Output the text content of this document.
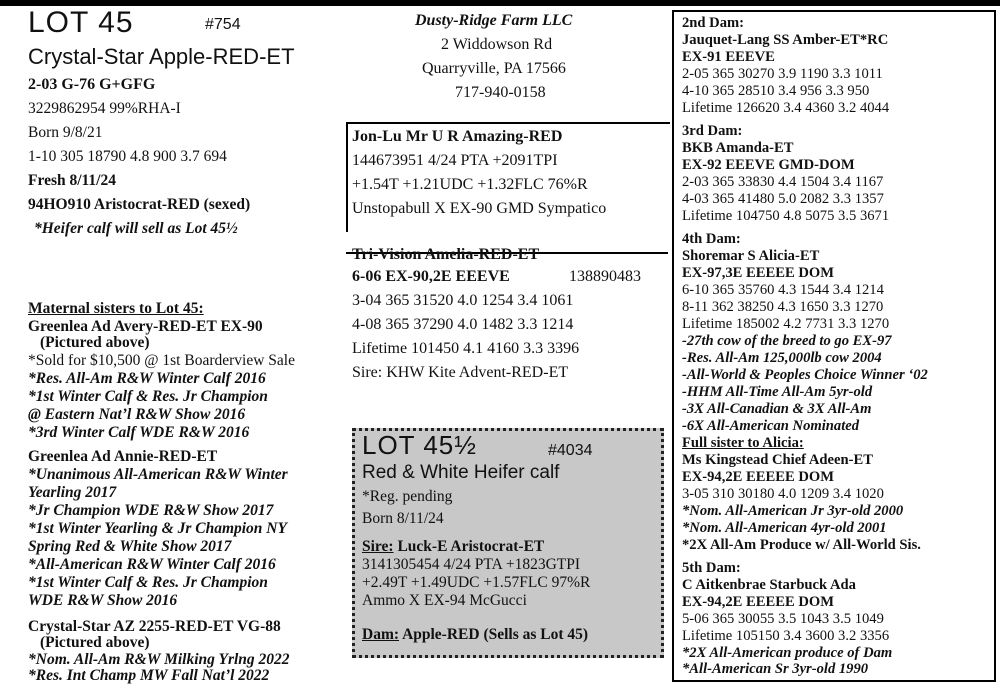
LOT 45	#754
Crystal-Star Apple-RED-ET
2-03 G-76 G+GFG
3229862954 99%RHA-I
Born 9/8/21
1-10 305 18790 4.8 900 3.7 694
Fresh 8/11/24
94HO910 Aristocrat-RED (sexed)
*Heifer calf will sell as Lot 45½
Maternal sisters to Lot 45:
Greenlea Ad Avery-RED-ET EX-90
(Pictured above)
*Sold for $10,500 @ 1st Boarderview Sale
*Res. All-Am R&W Winter Calf 2016
*1st Winter Calf & Res. Jr Champion
@ Eastern Nat’l R&W Show 2016
*3rd Winter Calf WDE R&W 2016
Greenlea Ad Annie-RED-ET
*Unanimous All-American R&W Winter
Yearling 2017
*Jr Champion WDE R&W Show 2017
*1st Winter Yearling & Jr Champion NY
Spring Red & White Show 2017
*All-American R&W Winter Calf 2016
*1st Winter Calf & Res. Jr Champion
WDE R&W Show 2016
Crystal-Star AZ 2255-RED-ET VG-88
(Pictured above)
*Nom. All-Am R&W Milking Yrlng 2022
*Res. Int Champ MW Fall Nat’l 2022
Dusty-Ridge Farm LLC
2 Widdowson Rd
Quarryville, PA 17566
717-940-0158
Jon-Lu Mr U R Amazing-RED
144673951 4/24 PTA +2091TPI
+1.54T +1.21UDC +1.32FLC 76%R
Unstopabull X EX-90 GMD Sympatico
Tri-Vision Amelia-RED-ET
6-06 EX-90,2E EEEVE	138890483
3-04 365 31520 4.0 1254 3.4 1061
4-08 365 37290 4.0 1482 3.3 1214
Lifetime 101450 4.1 4160 3.3 3396
Sire: KHW Kite Advent-RED-ET
LOT 45½	#4034
Red & White Heifer calf
*Reg. pending
Born 8/11/24
Sire: Luck-E Aristocrat-ET
3141305454 4/24 PTA +1823GTPI
+2.49T +1.49UDC +1.57FLC 97%R
Ammo X EX-94 McGucci
Dam: Apple-RED (Sells as Lot 45)
2nd Dam:
Jauquet-Lang SS Amber-ET*RC
EX-91 EEEVE
2-05 365 30270 3.9 1190 3.3 1011
4-10 365 28510 3.4 956 3.3 950
Lifetime 126620 3.4 4360 3.2 4044
3rd Dam:
BKB Amanda-ET
EX-92 EEEVE GMD-DOM
2-03 365 33830 4.4 1504 3.4 1167
4-03 365 41480 5.0 2082 3.3 1357
Lifetime 104750 4.8 5075 3.5 3671
4th Dam:
Shoremar S Alicia-ET
EX-97,3E EEEEE DOM
6-10 365 35760 4.3 1544 3.4 1214
8-11 362 38250 4.3 1650 3.3 1270
Lifetime 185002 4.2 7731 3.3 1270
-27th cow of the breed to go EX-97
-Res. All-Am 125,000lb cow 2004
-All-World & Peoples Choice Winner ‘02
-HHM All-Time All-Am 5yr-old
-3X All-Canadian & 3X All-Am
-6X All-American Nominated
Full sister to Alicia:
Ms Kingstead Chief Adeen-ET
EX-94,2E EEEEE DOM
3-05 310 30180 4.0 1209 3.4 1020
*Nom. All-American Jr 3yr-old 2000
*Nom. All-American 4yr-old 2001
*2X All-Am Produce w/ All-World Sis.
5th Dam:
C Aitkenbrae Starbuck Ada
EX-94,2E EEEEE DOM
5-06 365 30055 3.5 1043 3.5 1049
Lifetime 105150 3.4 3600 3.2 3356
*2X All-American produce of Dam
*All-American Sr 3yr-old 1990
